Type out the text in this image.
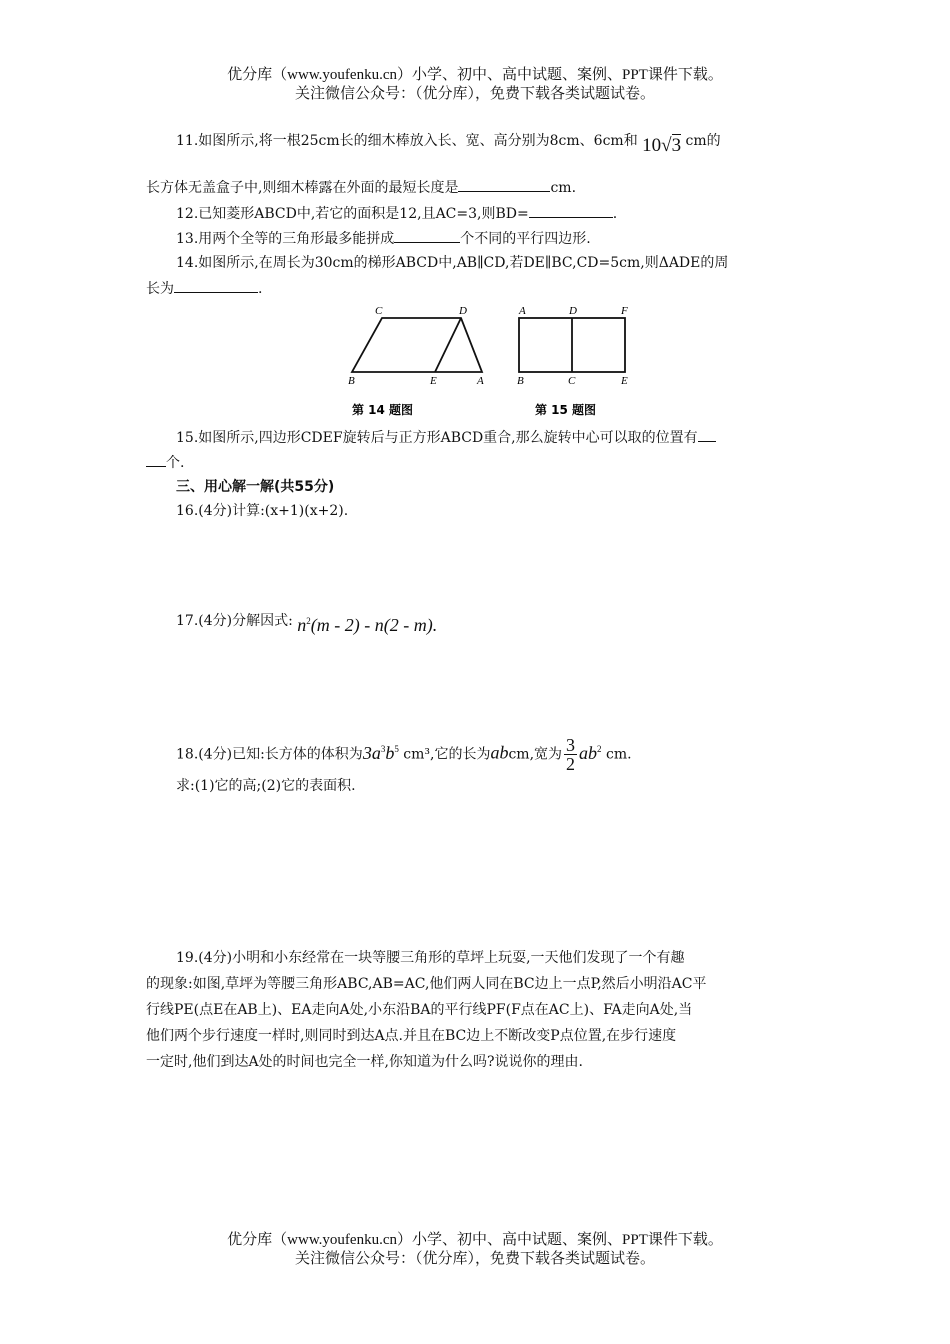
优分库（www.youfenku.cn）小学、初中、高中试题、案例、PPT课件下载。
关注微信公众号：（优分库），免费下载各类试题试卷。
11.如图所示,将一根25cm长的细木棒放入长、宽、高分别为8cm、6cm和 10√3 cm的
长方体无盖盒子中,则细木棒露在外面的最短长度是	cm.
12.已知菱形ABCD中,若它的面积是12,且AC=3,则BD=	.
13.用两个全等的三角形最多能拼成	个不同的平行四边形.
14.如图所示,在周长为30cm的梯形ABCD中,AB∥CD,若DE∥BC,CD=5cm,则ΔADE的周
长为	.
C	D
B	E	A
A	D	F
B	C	E
第 14 题图	第 15 题图
15.如图所示,四边形CDEF旋转后与正方形ABCD重合,那么旋转中心可以取的位置有
个.
三、用心解一解(共55分)
16.(4分)计算:(x+1)(x+2).
17.(4分)分解因式: $n^2(m - 2) - n(2 - m)$.
18.(4分)已知:长方体的体积为$3a^3b^5$ cm³,它的长为abcm,宽为 $\frac{3}{2} ab^2$ cm.
求:(1)它的高;(2)它的表面积.
19.(4分)小明和小东经常在一块等腰三角形的草坪上玩耍,一天他们发现了一个有趣
的现象:如图,草坪为等腰三角形ABC,AB=AC,他们两人同在BC边上一点P,然后小明沿AC平
行线PE(点E在AB上)、EA走向A处,小东沿BA的平行线PF(F点在AC上)、FA走向A处,当
他们两个步行速度一样时,则同时到达A点.并且在BC边上不断改变P点位置,在步行速度
一定时,他们到达A处的时间也完全一样,你知道为什么吗?说说你的理由.
优分库（www.youfenku.cn）小学、初中、高中试题、案例、PPT课件下载。
关注微信公众号：（优分库），免费下载各类试题试卷。
